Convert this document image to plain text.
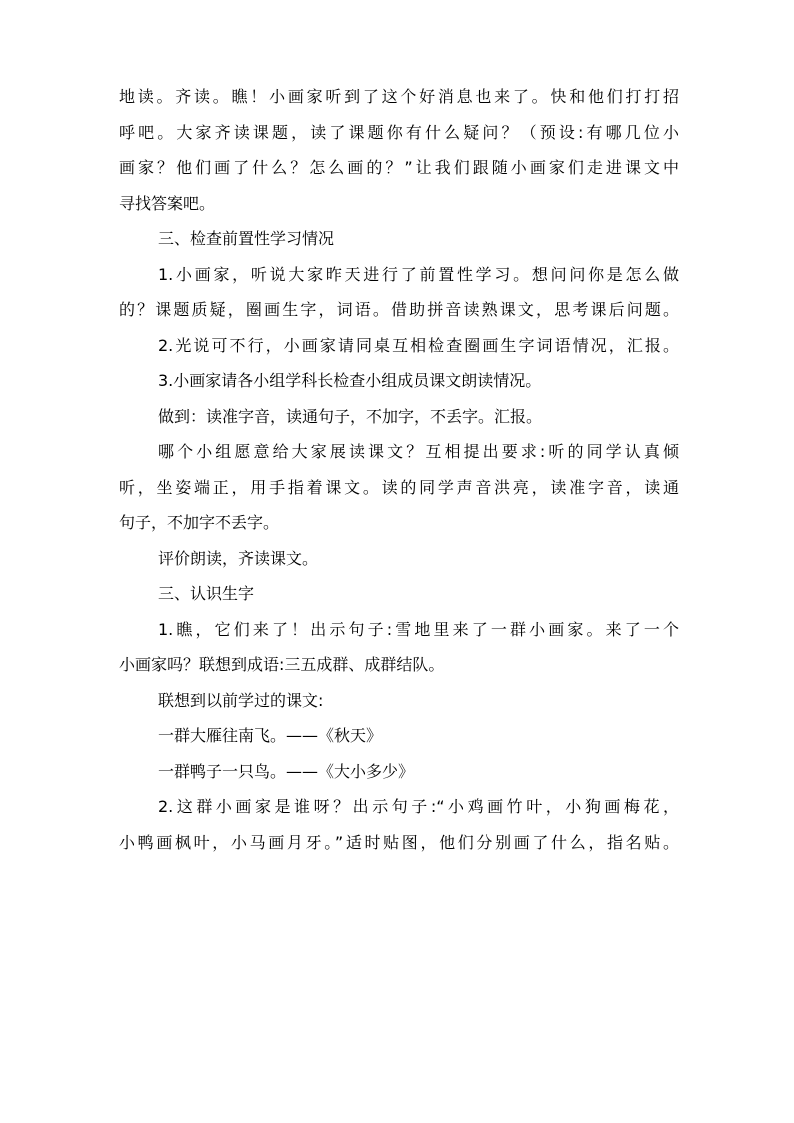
地读。齐读。瞧！小画家听到了这个好消息也来了。快和他们打打招
呼吧。大家齐读课题，读了课题你有什么疑问？（预设:有哪几位小
画家？他们画了什么？怎么画的？”让我们跟随小画家们走进课文中
寻找答案吧。
三、检查前置性学习情况
1.小画家，听说大家昨天进行了前置性学习。想问问你是怎么做
的？课题质疑，圈画生字，词语。借助拼音读熟课文，思考课后问题。
2.光说可不行，小画家请同桌互相检查圈画生字词语情况，汇报。
3.小画家请各小组学科长检查小组成员课文朗读情况。
做到：读准字音，读通句子，不加字，不丢字。汇报。
哪个小组愿意给大家展读课文？互相提出要求:听的同学认真倾
听，坐姿端正，用手指着课文。读的同学声音洪亮，读准字音，读通
句子，不加字不丢字。
评价朗读，齐读课文。
三、认识生字
1.瞧，它们来了！出示句子:雪地里来了一群小画家。来了一个
小画家吗？联想到成语:三五成群、成群结队。
联想到以前学过的课文:
一群大雁往南飞。——《秋天》
一群鸭子一只鸟。——《大小多少》
2.这群小画家是谁呀？出示句子:“小鸡画竹叶，小狗画梅花，
小鸭画枫叶，小马画月牙。”适时贴图，他们分别画了什么，指名贴。
